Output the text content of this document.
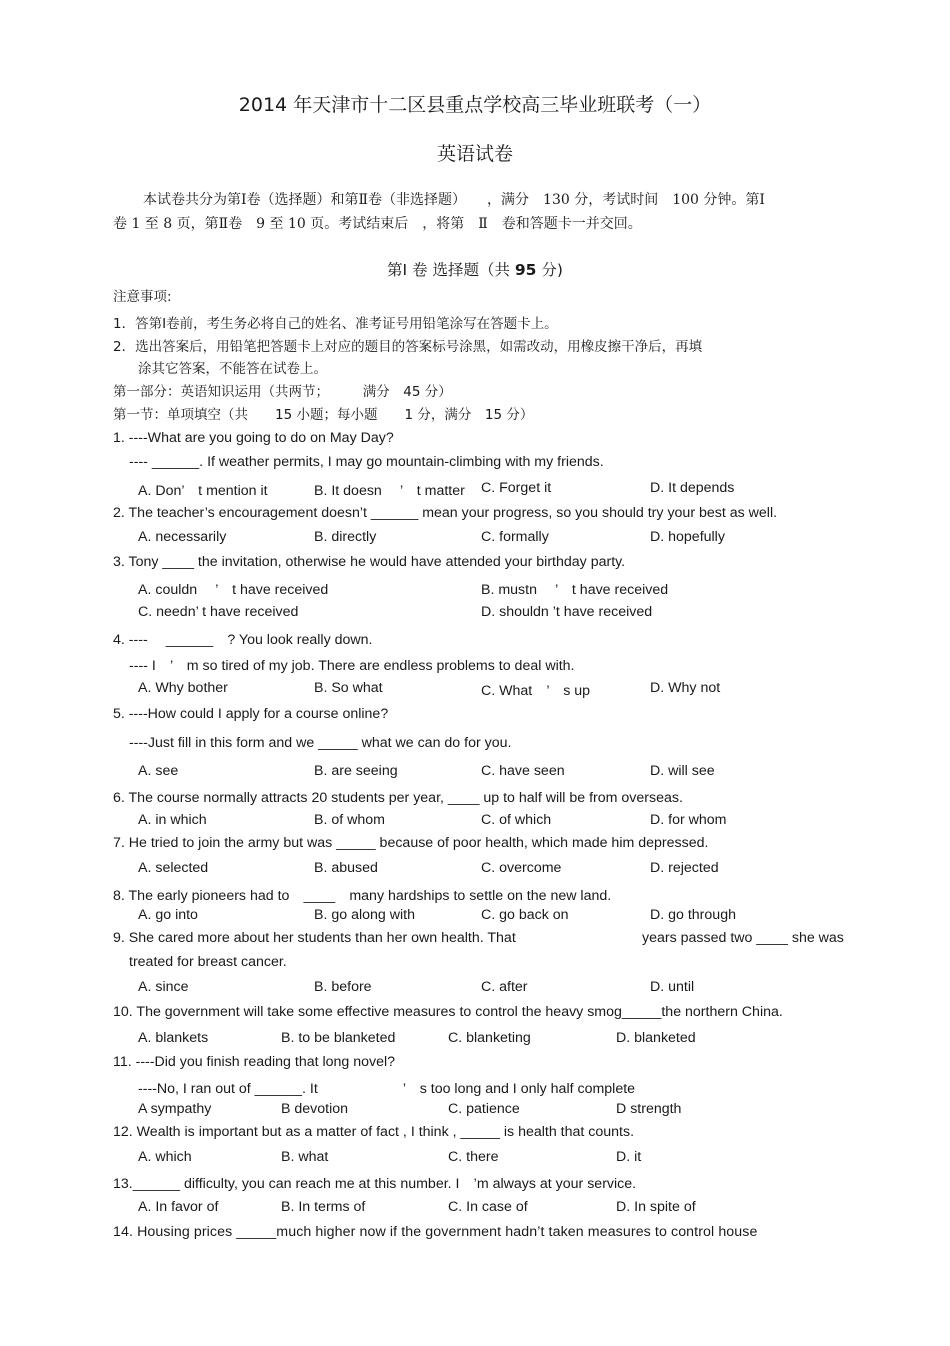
2014 年天津市十二区县重点学校高三毕业班联考（一）
英语试卷
本试卷共分为第Ⅰ卷（选择题）和第Ⅱ卷（非选择题）　　，满分　130 分，考试时间　100 分钟。第Ⅰ
卷 1 至 8 页，第Ⅱ卷　9 至 10 页。考试结束后　，将第　Ⅱ　卷和答题卡一并交回。
第Ⅰ 卷 选择题（共 95 分)
注意事项:
1．答第Ⅰ卷前，考生务必将自己的姓名、准考证号用铅笔涂写在答题卡上。
2．选出答案后，用铅笔把答题卡上对应的题目的答案标号涂黑，如需改动，用橡皮擦干净后，再填
涂其它答案，不能答在试卷上。
第一部分：英语知识运用（共两节；　　　满分　45 分）
第一节：单项填空（共　　15 小题；每小题　　1 分，满分　15 分）
1. ----What are you going to do on May Day?
---- ______. If weather permits, I may go mountain-climbing with my friends.
A. Don’　t mention it	B. It doesn　 ’　t matter C. Forget it	D. It depends
2. The teacher’s encouragement doesn’t ______ mean your progress, so you should try your best as well.
A. necessarily	B. directly	C. formally	D. hopefully
3. Tony ____ the invitation, otherwise he would have attended your birthday party.
A. couldn　 ’　t have received	B. mustn　 ’　t have received
C. needn’ t have received	D. shouldn ’t have received
4. ----　 ______　? You look really down.
---- I　’　m so tired of my job. There are endless problems to deal with.
A. Why bother	B. So what	C. What　’　s up	D. Why not
5. ----How could I apply for a course online?
----Just fill in this form and we _____ what we can do for you.
A. see	B. are seeing	C. have seen	D. will see
6. The course normally attracts 20 students per year, ____ up to half will be from overseas.
A. in which	B. of whom	C. of which	D. for whom
7. He tried to join the army but was _____ because of poor health, which made him depressed.
A. selected	B. abused	C. overcome	D. rejected
8. The early pioneers had to　____　many hardships to settle on the new land.
A. go into	B. go along with	C. go back on	D. go through
9. She cared more about her students than her own health. That	years passed two ____ she was
treated for breast cancer.
A. since	B. before	C. after	D. until
10. The government will take some effective measures to control the heavy smog_____the northern China.
A. blankets	B. to be blanketed	C. blanketing	D. blanketed
11. ----Did you finish reading that long novel?
----No, I ran out of ______. It　　　　　　’　s too long and I only half complete
A sympathy	B devotion	C. patience	D strength
12. Wealth is important but as a matter of fact , I think , _____ is health that counts.
A. which	B. what	C. there	D. it
13.______ difficulty, you can reach me at this number. I　’m always at your service.
A. In favor of	B. In terms of	C. In case of	D. In spite of
14. Housing prices _____much higher now if the government hadn’t taken measures to control house
